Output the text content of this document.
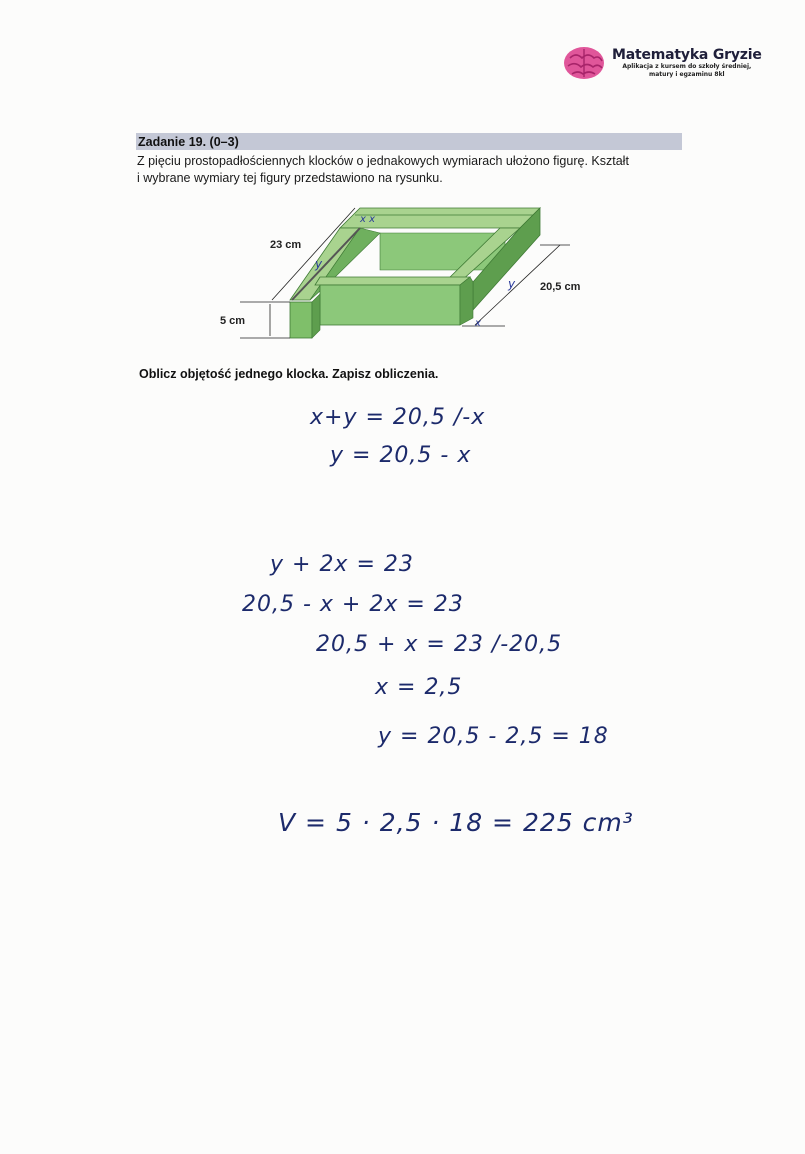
Matematyka Gryzie
Aplikacja z kursem do szkoły średniej,
matury i egzaminu 8kl
Zadanie 19. (0–3)
Z pięciu prostopadłościennych klocków o jednakowych wymiarach ułożono figurę. Kształt
i wybrane wymiary tej figury przedstawiono na rysunku.
23 cm
5 cm
20,5 cm
y
y
x x
x
Oblicz objętość jednego klocka. Zapisz obliczenia.
x+y = 20,5 /-x
y = 20,5 - x
y + 2x = 23
20,5 - x + 2x = 23
20,5 + x = 23 /-20,5
x = 2,5
y = 20,5 - 2,5 = 18
V = 5 · 2,5 · 18 = 225 cm³
